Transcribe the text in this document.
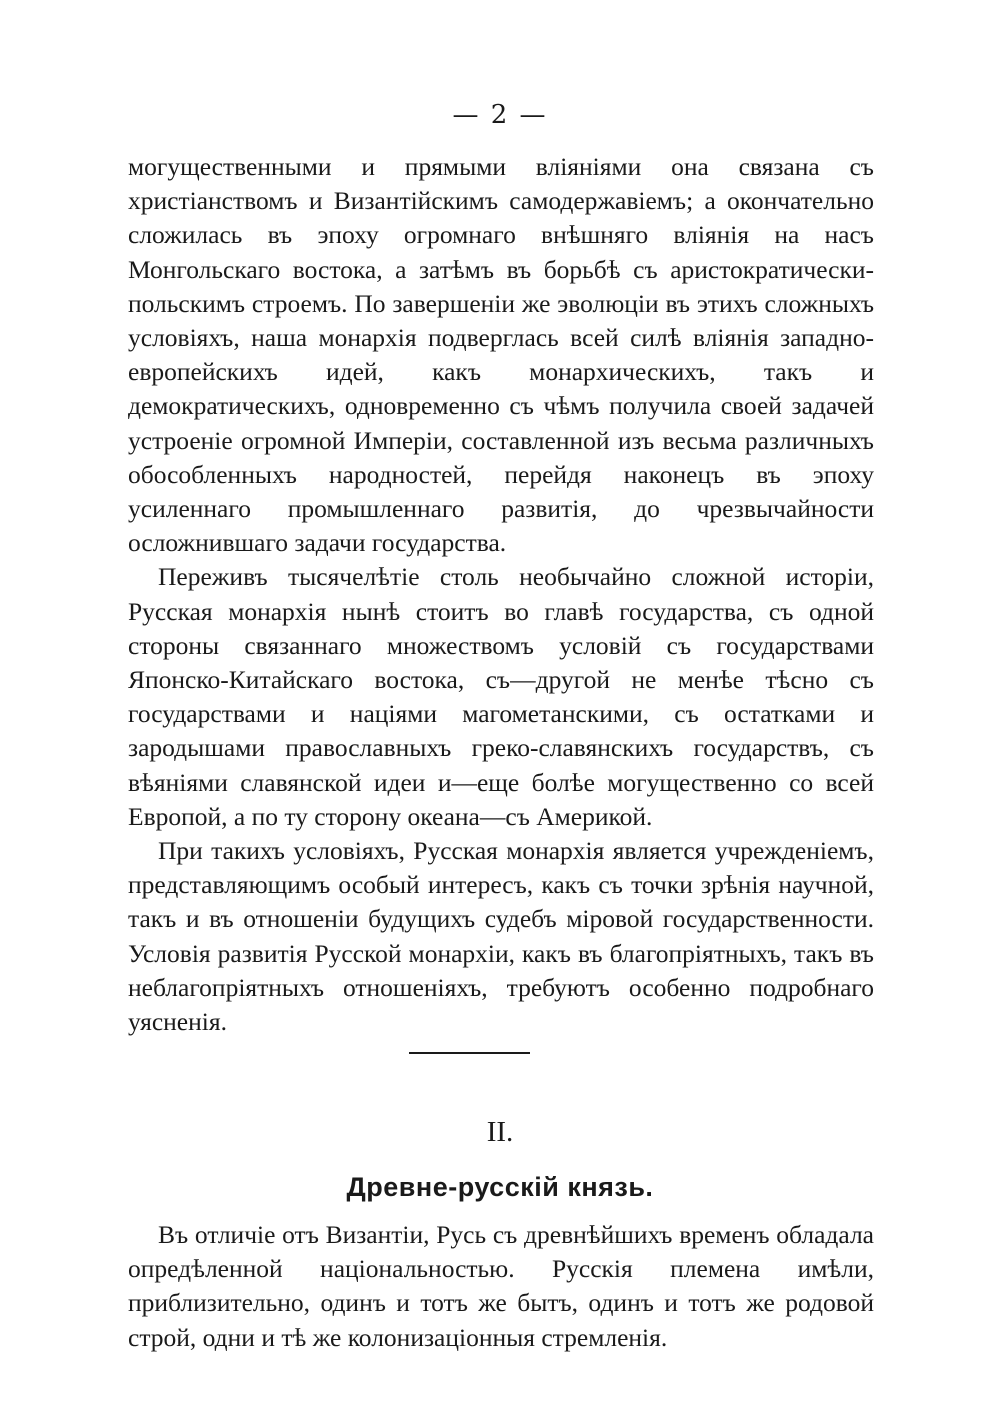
— 2 —

могущественными и прямыми вліяніями она связана съ христіанствомъ и Византійскимъ самодержавіемъ; а окончательно сложилась въ эпоху огромнаго внѣшняго вліянія на насъ Монгольскаго востока, а затѣмъ въ борьбѣ съ аристократически-польскимъ строемъ. По завершеніи же эволюціи въ этихъ сложныхъ условіяхъ, наша монархія подверглась всей силѣ вліянія западно-европейскихъ идей, какъ монархическихъ, такъ и демократическихъ, одновременно съ чѣмъ получила своей задачей устроеніе огромной Имперіи, составленной изъ весьма различныхъ обособленныхъ народностей, перейдя наконецъ въ эпоху усиленнаго промышленнаго развитія, до чрезвычайности осложнившаго задачи государства.

Переживъ тысячелѣтіе столь необычайно сложной исторіи, Русская монархія нынѣ стоитъ во главѣ государства, съ одной стороны связаннаго множествомъ условій съ государствами Японско-Китайскаго востока, съ—другой не менѣе тѣсно съ государствами и націями магометанскими, съ остатками и зародышами православныхъ греко-славянскихъ государствъ, съ вѣяніями славянской идеи и—еще болѣе могущественно со всей Европой, а по ту сторону океана—съ Америкой.

При такихъ условіяхъ, Русская монархія является учрежденіемъ, представляющимъ особый интересъ, какъ съ точки зрѣнія научной, такъ и въ отношеніи будущихъ судебъ міровой государственности. Условія развитія Русской монархіи, какъ въ благопріятныхъ, такъ въ неблагопріятныхъ отношеніяхъ, требуютъ особенно подробнаго уясненія.

II.
Древне-русскій князь.

Въ отличіе отъ Византіи, Русь съ древнѣйшихъ временъ обладала опредѣленной національностью. Русскія племена имѣли, приблизительно, одинъ и тотъ же бытъ, одинъ и тотъ же родовой строй, одни и тѣ же колонизаціонныя стремленія.
